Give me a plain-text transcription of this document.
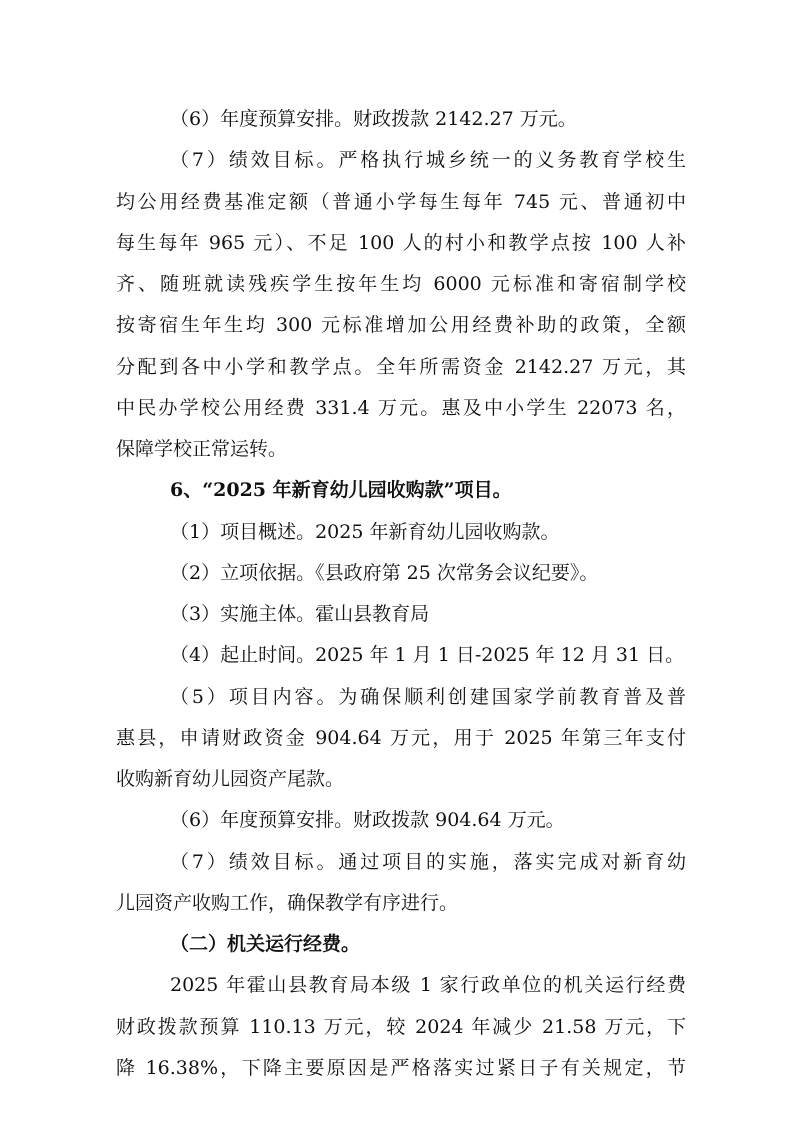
（6）年度预算安排。财政拨款 2142.27 万元。
（7）绩效目标。严格执行城乡统一的义务教育学校生
均公用经费基准定额（普通小学每生每年 745 元、普通初中
每生每年 965 元）、不足 100 人的村小和教学点按 100 人补
齐、随班就读残疾学生按年生均 6000 元标准和寄宿制学校
按寄宿生年生均 300 元标准增加公用经费补助的政策，全额
分配到各中小学和教学点。全年所需资金 2142.27 万元，其
中民办学校公用经费 331.4 万元。惠及中小学生 22073 名，
保障学校正常运转。
6、“2025 年新育幼儿园收购款”项目。
（1）项目概述。2025 年新育幼儿园收购款。
（2）立项依据。《县政府第 25 次常务会议纪要》。
（3）实施主体。霍山县教育局
（4）起止时间。2025 年 1 月 1 日-2025 年 12 月 31 日。
（5）项目内容。为确保顺利创建国家学前教育普及普
惠县，申请财政资金 904.64 万元，用于 2025 年第三年支付
收购新育幼儿园资产尾款。
（6）年度预算安排。财政拨款 904.64 万元。
（7）绩效目标。通过项目的实施，落实完成对新育幼
儿园资产收购工作，确保教学有序进行。
（二）机关运行经费。
2025 年霍山县教育局本级 1 家行政单位的机关运行经费
财政拨款预算 110.13 万元，较 2024 年减少 21.58 万元，下
降 16.38%，下降主要原因是严格落实过紧日子有关规定，节
